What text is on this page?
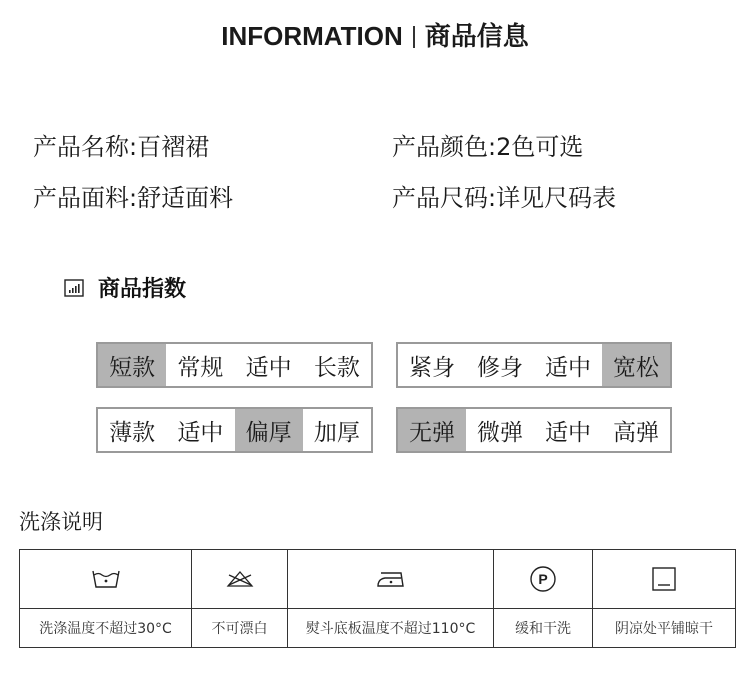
INFORMATION 商品信息
产品名称:百褶裙	产品颜色:2色可选
产品面料:舒适面料	产品尺码:详见尺码表
商品指数
短款 常规 适中 长款	紧身 修身 适中 宽松
薄款 适中 偏厚 加厚	无弹 微弹 适中 高弹
洗涤说明

P

洗涤温度不超过30°C	不可漂白	熨斗底板温度不超过110°C	缓和干洗	阴凉处平铺晾干
